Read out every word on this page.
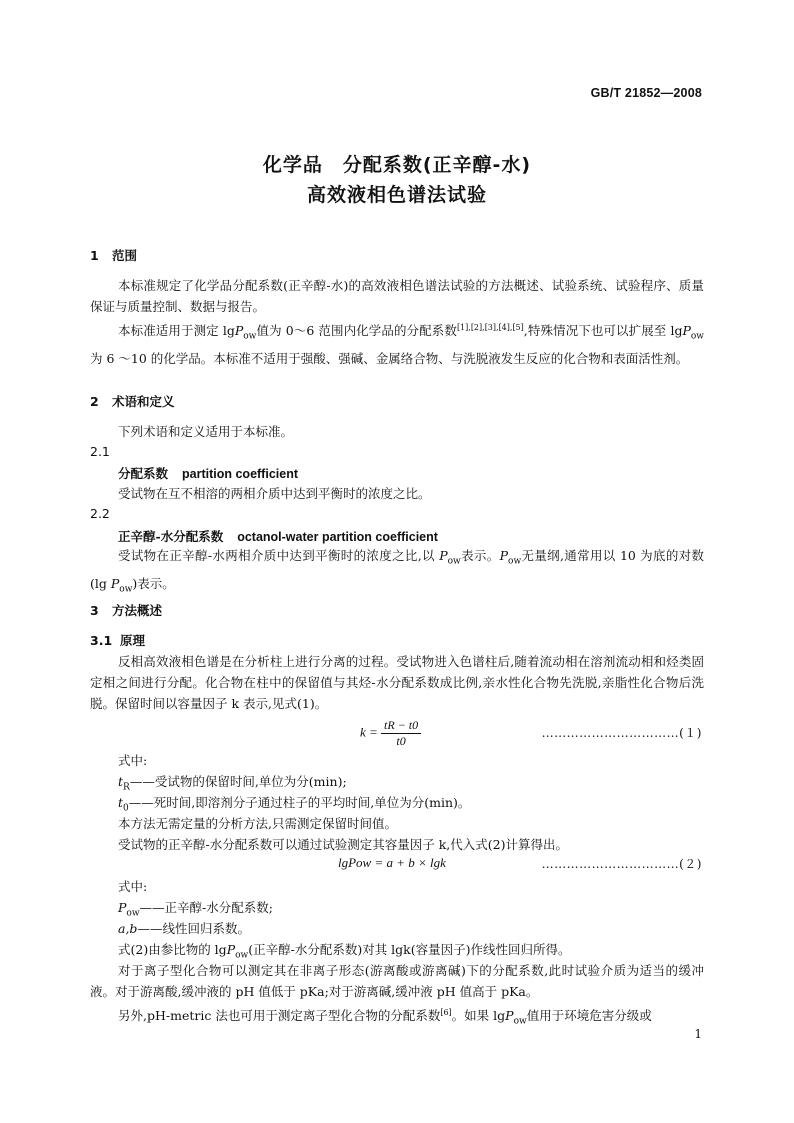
GB/T 21852—2008
化学品　分配系数(正辛醇-水)
高效液相色谱法试验
1 范围
本标准规定了化学品分配系数(正辛醇-水)的高效液相色谱法试验的方法概述、试验系统、试验程序、质量保证与质量控制、数据与报告。
本标准适用于测定 lgP$_{ow}$值为 0～6 范围内化学品的分配系数[1],[2],[3],[4],[5],特殊情况下也可以扩展至 lgP$_{ow}$为 6 ～10 的化学品。本标准不适用于强酸、强碱、金属络合物、与洗脱液发生反应的化合物和表面活性剂。
2 术语和定义
下列术语和定义适用于本标准。
2.1
分配系数 partition coefficient
受试物在互不相溶的两相介质中达到平衡时的浓度之比。
2.2
正辛醇-水分配系数 octanol-water partition coefficient
受试物在正辛醇-水两相介质中达到平衡时的浓度之比,以 $P_{ow}$表示。$P_{ow}$无量纲,通常用以 10 为底的对数(lg $P_{ow}$)表示。
3 方法概述
3.1 原理
反相高效液相色谱是在分析柱上进行分离的过程。受试物进入色谱柱后,随着流动相在溶剂流动相和烃类固定相之间进行分配。化合物在柱中的保留值与其烃-水分配系数成比例,亲水性化合物先洗脱,亲脂性化合物后洗脱。保留时间以容量因子 k 表示,见式(1)。
$k = \frac{tR - t0}{t0}$	……………………………(１)
式中:
$t_R——$受试物的保留时间,单位为分(min);
$t_0——$死时间,即溶剂分子通过柱子的平均时间,单位为分(min)。
本方法无需定量的分析方法,只需测定保留时间值。
受试物的正辛醇-水分配系数可以通过试验测定其容量因子 k,代入式(2)计算得出。
lgPow = a + b × lgk	……………………………(２)
式中:
$P_{ow}——$正辛醇-水分配系数;
a,b——线性回归系数。
式(2)由参比物的 lgP$_{ow}$(正辛醇-水分配系数)对其 lgk(容量因子)作线性回归所得。
对于离子型化合物可以测定其在非离子形态(游离酸或游离碱)下的分配系数,此时试验介质为适当的缓冲液。对于游离酸,缓冲液的 pH 值低于 pKa;对于游离碱,缓冲液 pH 值高于 pKa。
另外,pH-metric 法也可用于测定离子型化合物的分配系数[6]。如果 lgP$_{ow}$值用于环境危害分级或
1
